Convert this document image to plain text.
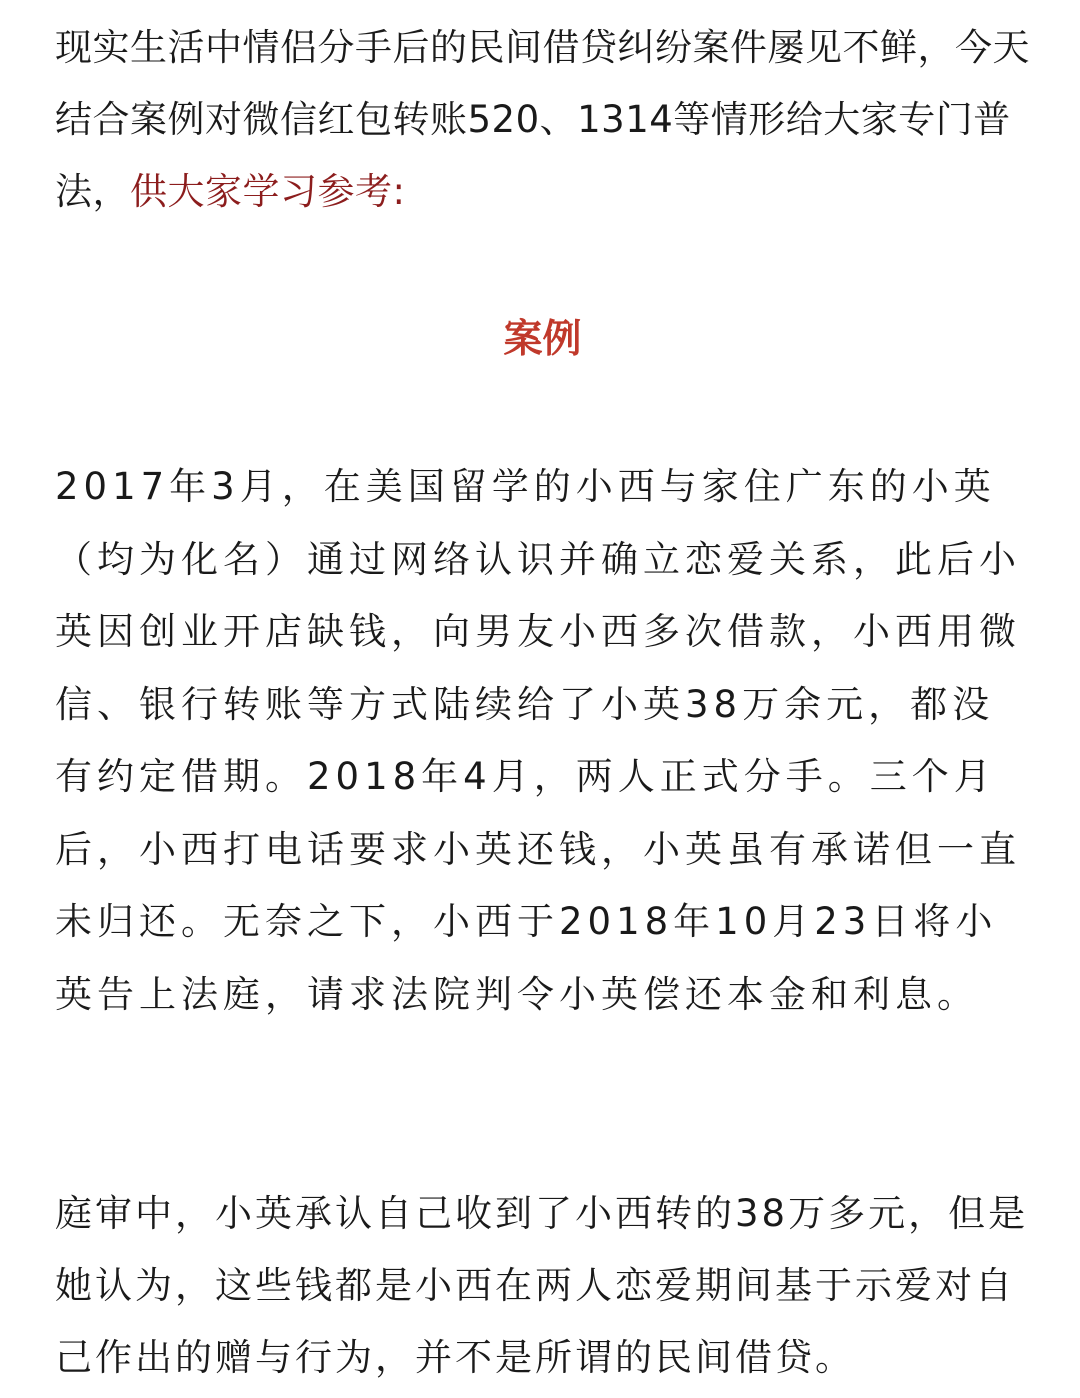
现实生活中情侣分手后的民间借贷纠纷案件屡见不鲜，今天结合案例对微信红包转账520、1314等情形给大家专门普法，供大家学习参考:

案例

2017年3月，在美国留学的小西与家住广东的小英（均为化名）通过网络认识并确立恋爱关系，此后小英因创业开店缺钱，向男友小西多次借款，小西用微信、银行转账等方式陆续给了小英38万余元，都没有约定借期。2018年4月，两人正式分手。三个月后，小西打电话要求小英还钱，小英虽有承诺但一直未归还。无奈之下，小西于2018年10月23日将小英告上法庭，请求法院判令小英偿还本金和利息。

庭审中，小英承认自己收到了小西转的38万多元，但是她认为，这些钱都是小西在两人恋爱期间基于示爱对自己作出的赠与行为，并不是所谓的民间借贷。
